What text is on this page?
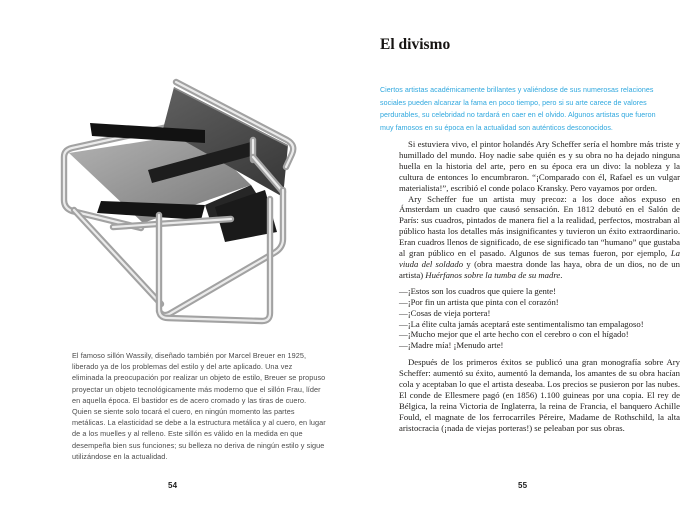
El famoso sillón Wassily, diseñado también por Marcel Breuer en 1925, liberado ya de los problemas del estilo y del arte aplicado. Una vez eliminada la preocupación por realizar un objeto de estilo, Breuer se propuso proyectar un objeto tecnológicamente más moderno que el sillón Frau, líder en aquella época. El bastidor es de acero cromado y las tiras de cuero. Quien se siente solo tocará el cuero, en ningún momento las partes metálicas. La elasticidad se debe a la estructura metálica y al cuero, en lugar de a los muelles y al relleno. Este sillón es válido en la medida en que desempeña bien sus funciones; su belleza no deriva de ningún estilo y sigue utilizándose en la actualidad.

54
El divismo

Ciertos artistas académicamente brillantes y valiéndose de sus numerosas relaciones sociales pueden alcanzar la fama en poco tiempo, pero si su arte carece de valores perdurables, su celebridad no tardará en caer en el olvido. Algunos artistas que fueron muy famosos en su época en la actualidad son auténticos desconocidos.

Si estuviera vivo, el pintor holandés Ary Scheffer sería el hombre más triste y humillado del mundo. Hoy nadie sabe quién es y su obra no ha dejado ninguna huella en la historia del arte, pero en su época era un divo: la nobleza y la cultura de entonces lo encumbraron. “¡Comparado con él, Rafael es un vulgar materialista!”, escribió el conde polaco Kransky. Pero vayamos por orden.

Ary Scheffer fue un artista muy precoz: a los doce años expuso en Ámsterdam un cuadro que causó sensación. En 1812 debutó en el Salón de París: sus cuadros, pintados de manera fiel a la realidad, perfectos, mostraban al público hasta los detalles más insignificantes y tuvieron un éxito extraordinario. Eran cuadros llenos de significado, de ese significado tan “humano” que gustaba al gran público en el pasado. Algunos de sus temas fueron, por ejemplo, La viuda del soldado y (obra maestra donde las haya, obra de un dios, no de un artista) Huérfanos sobre la tumba de su madre.

—¡Estos son los cuadros que quiere la gente!
—¡Por fin un artista que pinta con el corazón!
—¡Cosas de vieja portera!
—¡La élite culta jamás aceptará este sentimentalismo tan empalagoso!
—¡Mucho mejor que el arte hecho con el cerebro o con el hígado!
—¡Madre mía! ¡Menudo arte!

Después de los primeros éxitos se publicó una gran monografía sobre Ary Scheffer: aumentó su éxito, aumentó la demanda, los amantes de su obra hacían cola y aceptaban lo que el artista deseaba. Los precios se pusieron por las nubes. El conde de Ellesmere pagó (en 1856) 1.100 guineas por una copia. El rey de Bélgica, la reina Victoria de Inglaterra, la reina de Francia, el banquero Achille Fould, el magnate de los ferrocarriles Péreire, Madame de Rothschild, la alta aristocracia (¡nada de viejas porteras!) se peleaban por sus obras.

55
